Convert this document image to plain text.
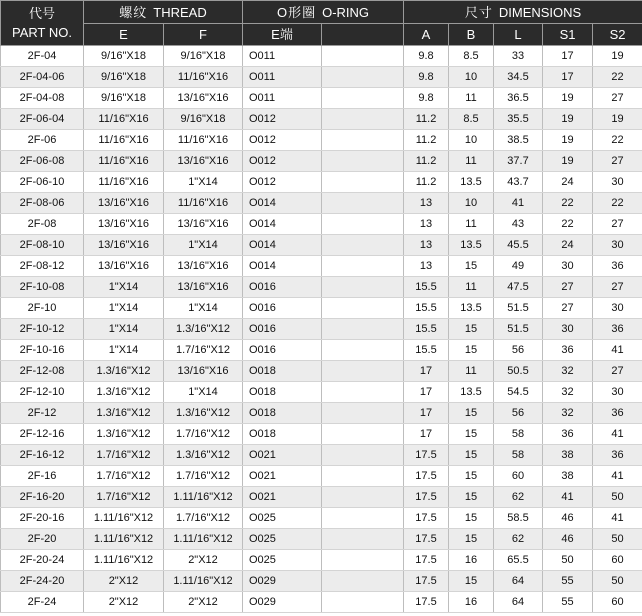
代号
PART NO.	螺纹 THREAD		O形圈 O-RING		尺寸 DIMENSIONS				
	E	F	E端		A	B	L	S1	S2
2F-04	9/16"X18	9/16"X18	O011		9.8	8.5	33	17	19
2F-04-06	9/16"X18	11/16"X16	O011		9.8	10	34.5	17	22
2F-04-08	9/16"X18	13/16"X16	O011		9.8	11	36.5	19	27
2F-06-04	11/16"X16	9/16"X18	O012		11.2	8.5	35.5	19	19
2F-06	11/16"X16	11/16"X16	O012		11.2	10	38.5	19	22
2F-06-08	11/16"X16	13/16"X16	O012		11.2	11	37.7	19	27
2F-06-10	11/16"X16	1"X14	O012		11.2	13.5	43.7	24	30
2F-08-06	13/16"X16	11/16"X16	O014		13	10	41	22	22
2F-08	13/16"X16	13/16"X16	O014		13	11	43	22	27
2F-08-10	13/16"X16	1"X14	O014		13	13.5	45.5	24	30
2F-08-12	13/16"X16	13/16"X16	O014		13	15	49	30	36
2F-10-08	1"X14	13/16"X16	O016		15.5	11	47.5	27	27
2F-10	1"X14	1"X14	O016		15.5	13.5	51.5	27	30
2F-10-12	1"X14	1.3/16"X12	O016		15.5	15	51.5	30	36
2F-10-16	1"X14	1.7/16"X12	O016		15.5	15	56	36	41
2F-12-08	1.3/16"X12	13/16"X16	O018		17	11	50.5	32	27
2F-12-10	1.3/16"X12	1"X14	O018		17	13.5	54.5	32	30
2F-12	1.3/16"X12	1.3/16"X12	O018		17	15	56	32	36
2F-12-16	1.3/16"X12	1.7/16"X12	O018		17	15	58	36	41
2F-16-12	1.7/16"X12	1.3/16"X12	O021		17.5	15	58	38	36
2F-16	1.7/16"X12	1.7/16"X12	O021		17.5	15	60	38	41
2F-16-20	1.7/16"X12	1.11/16"X12	O021		17.5	15	62	41	50
2F-20-16	1.11/16"X12	1.7/16"X12	O025		17.5	15	58.5	46	41
2F-20	1.11/16"X12	1.11/16"X12	O025		17.5	15	62	46	50
2F-20-24	1.11/16"X12	2"X12	O025		17.5	16	65.5	50	60
2F-24-20	2"X12	1.11/16"X12	O029		17.5	15	64	55	50
2F-24	2"X12	2"X12	O029		17.5	16	64	55	60
